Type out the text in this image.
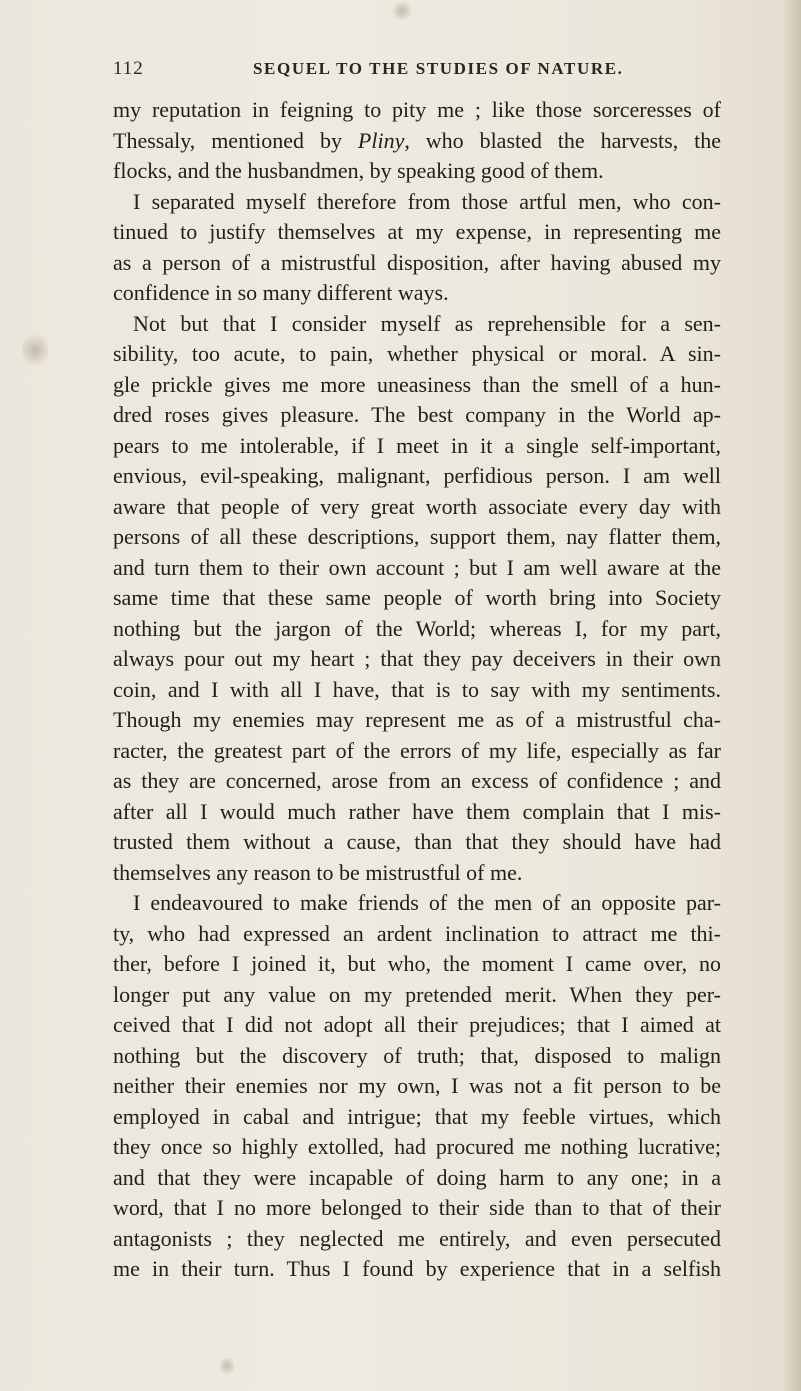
112	SEQUEL TO THE STUDIES OF NATURE.
my reputation in feigning to pity me ; like those sorceresses of
Thessaly, mentioned by Pliny, who blasted the harvests, the
flocks, and the husbandmen, by speaking good of them.
I separated myself therefore from those artful men, who con-
tinued to justify themselves at my expense, in representing me
as a person of a mistrustful disposition, after having abused my
confidence in so many different ways.
Not but that I consider myself as reprehensible for a sen-
sibility, too acute, to pain, whether physical or moral. A sin-
gle prickle gives me more uneasiness than the smell of a hun-
dred roses gives pleasure. The best company in the World ap-
pears to me intolerable, if I meet in it a single self-important,
envious, evil-speaking, malignant, perfidious person. I am well
aware that people of very great worth associate every day with
persons of all these descriptions, support them, nay flatter them,
and turn them to their own account ; but I am well aware at the
same time that these same people of worth bring into Society
nothing but the jargon of the World; whereas I, for my part,
always pour out my heart ; that they pay deceivers in their own
coin, and I with all I have, that is to say with my sentiments.
Though my enemies may represent me as of a mistrustful cha-
racter, the greatest part of the errors of my life, especially as far
as they are concerned, arose from an excess of confidence ; and
after all I would much rather have them complain that I mis-
trusted them without a cause, than that they should have had
themselves any reason to be mistrustful of me.
I endeavoured to make friends of the men of an opposite par-
ty, who had expressed an ardent inclination to attract me thi-
ther, before I joined it, but who, the moment I came over, no
longer put any value on my pretended merit. When they per-
ceived that I did not adopt all their prejudices; that I aimed at
nothing but the discovery of truth; that, disposed to malign
neither their enemies nor my own, I was not a fit person to be
employed in cabal and intrigue; that my feeble virtues, which
they once so highly extolled, had procured me nothing lucrative;
and that they were incapable of doing harm to any one; in a
word, that I no more belonged to their side than to that of their
antagonists ; they neglected me entirely, and even persecuted
me in their turn. Thus I found by experience that in a selfish
